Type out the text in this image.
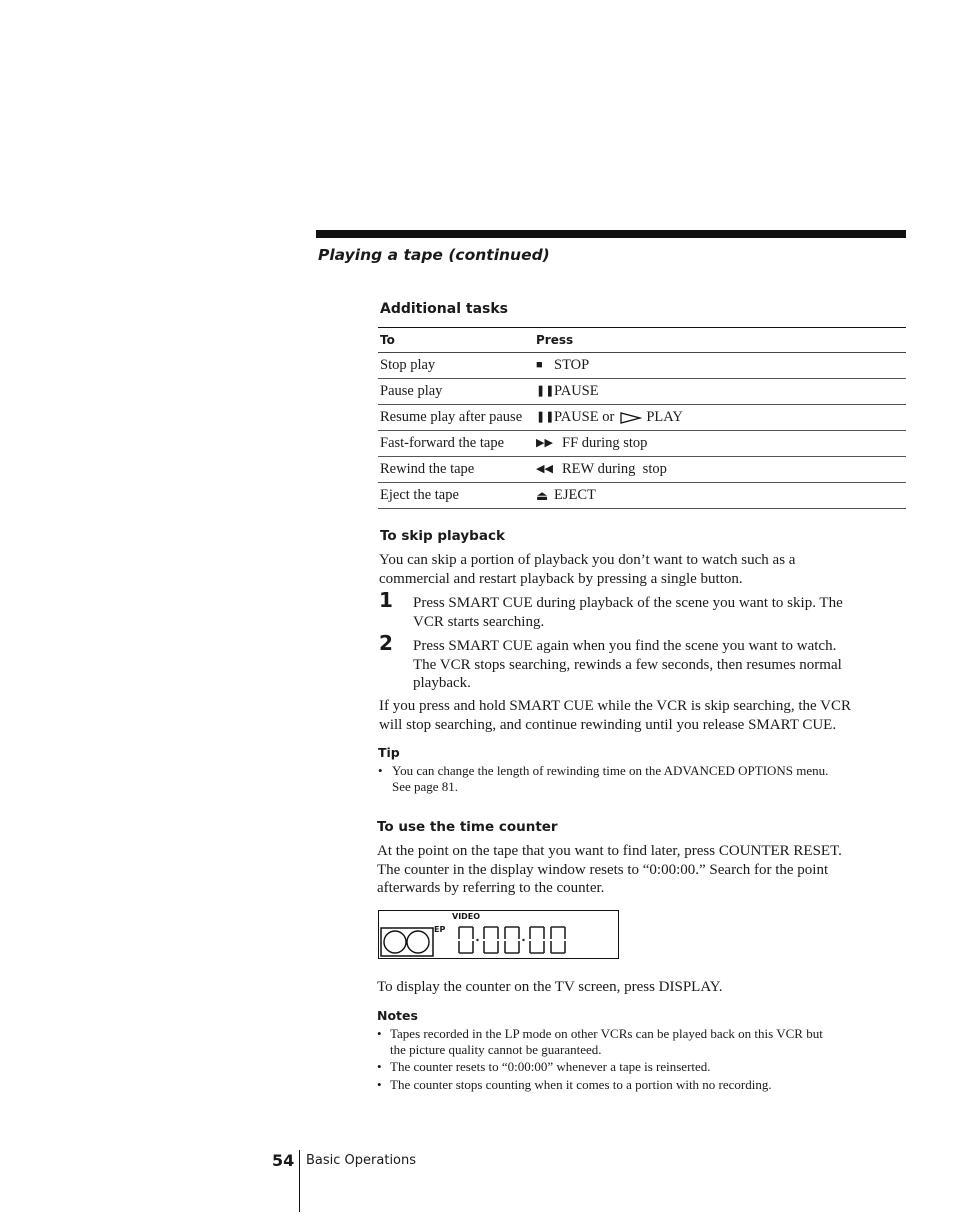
Playing a tape (continued)
Additional tasks
To	Press
Stop play	■ STOP
Pause play	❚❚ PAUSE
Resume play after pause	❚❚ PAUSE or PLAY
Fast-forward the tape	▶▶ FF during stop
Rewind the tape	◀◀ REW during  stop
Eject the tape	⏏ EJECT
To skip playback
You can skip a portion of playback you don’t want to watch such as a
commercial and restart playback by pressing a single button.
1 Press SMART CUE during playback of the scene you want to skip. The
VCR starts searching.
2 Press SMART CUE again when you find the scene you want to watch.
The VCR stops searching, rewinds a few seconds, then resumes normal
playback.
If you press and hold SMART CUE while the VCR is skip searching, the VCR
will stop searching, and continue rewinding until you release SMART CUE.
Tip
• You can change the length of rewinding time on the ADVANCED OPTIONS menu.
See page 81.
To use the time counter
At the point on the tape that you want to find later, press COUNTER RESET.
The counter in the display window resets to “0:00:00.” Search for the point
afterwards by referring to the counter.
EP
VIDEO
To display the counter on the TV screen, press DISPLAY.
Notes
• Tapes recorded in the LP mode on other VCRs can be played back on this VCR but
the picture quality cannot be guaranteed.
• The counter resets to “0:00:00” whenever a tape is reinserted.
• The counter stops counting when it comes to a portion with no recording.
54 Basic Operations
